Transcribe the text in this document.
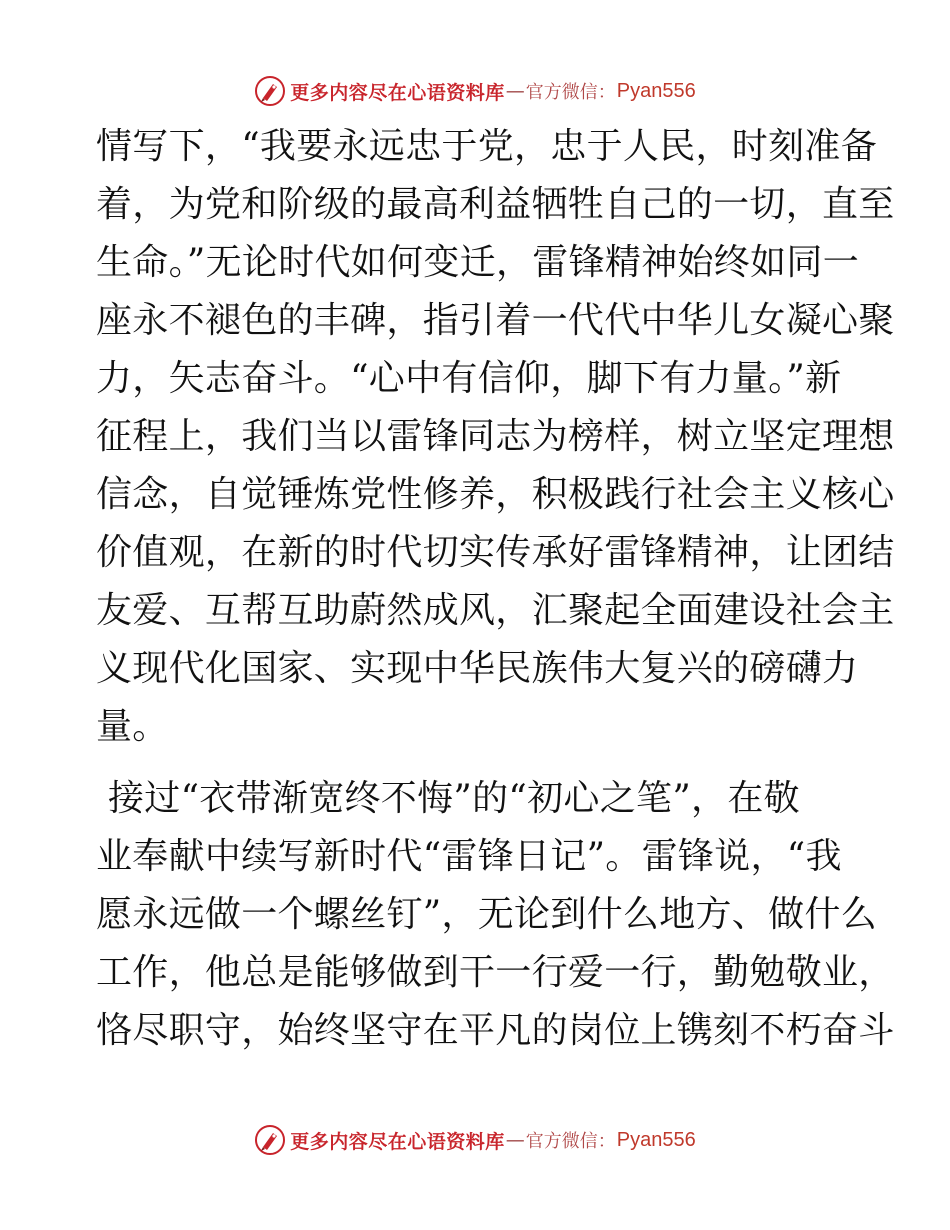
更多内容尽在心语资料库 — 官方微信： Pyan556
情写下，“我要永远忠于党，忠于人民，时刻准备
着，为党和阶级的最高利益牺牲自己的一切，直至
生命。”无论时代如何变迁，雷锋精神始终如同一
座永不褪色的丰碑，指引着一代代中华儿女凝心聚
力，矢志奋斗。“心中有信仰，脚下有力量。”新
征程上，我们当以雷锋同志为榜样，树立坚定理想
信念，自觉锤炼党性修养，积极践行社会主义核心
价值观，在新的时代切实传承好雷锋精神，让团结
友爱、互帮互助蔚然成风，汇聚起全面建设社会主
义现代化国家、实现中华民族伟大复兴的磅礴力
量。
接过“衣带渐宽终不悔”的“初心之笔”，在敬
业奉献中续写新时代“雷锋日记”。雷锋说，“我
愿永远做一个螺丝钉”，无论到什么地方、做什么
工作，他总是能够做到干一行爱一行，勤勉敬业，
恪尽职守，始终坚守在平凡的岗位上镌刻不朽奋斗
更多内容尽在心语资料库 — 官方微信： Pyan556
